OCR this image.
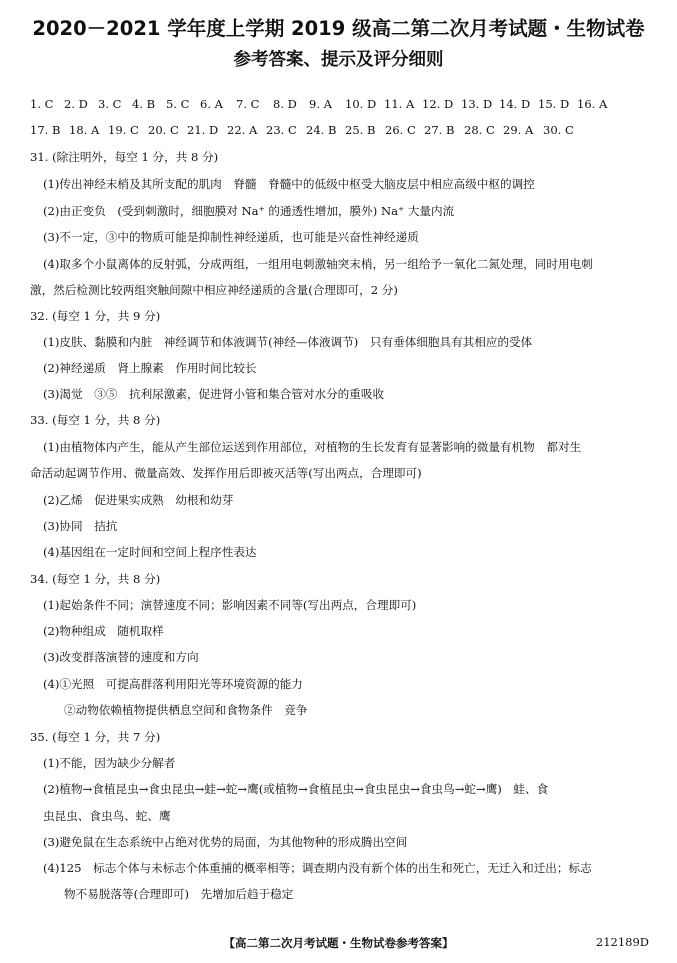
2020－2021 学年度上学期 2019 级高二第二次月考试题・生物试卷
参考答案、提示及评分细则
1. C 2. D 3. C 4. B 5. C 6. A 7. C 8. D 9. A 10. D 11. A 12. D 13. D 14. D 15. D 16. A
17. B 18. A 19. C 20. C 21. D 22. A 23. C 24. B 25. B 26. C 27. B 28. C 29. A 30. C
31. (除注明外，每空 1 分，共 8 分)
(1)传出神经末梢及其所支配的肌肉　脊髓　脊髓中的低级中枢受大脑皮层中相应高级中枢的调控
(2)由正变负　(受到刺激时，细胞膜对 Na⁺ 的通透性增加，膜外) Na⁺ 大量内流
(3)不一定，③中的物质可能是抑制性神经递质，也可能是兴奋性神经递质
(4)取多个小鼠离体的反射弧，分成两组，一组用电刺激轴突末梢，另一组给予一氧化二氮处理，同时用电刺
激，然后检测比较两组突触间隙中相应神经递质的含量(合理即可，2 分)
32. (每空 1 分，共 9 分)
(1)皮肤、黏膜和内脏　神经调节和体液调节(神经—体液调节)　只有垂体细胞具有其相应的受体
(2)神经递质　肾上腺素　作用时间比较长
(3)渴觉　③⑤　抗利尿激素，促进肾小管和集合管对水分的重吸收
33. (每空 1 分，共 8 分)
(1)由植物体内产生，能从产生部位运送到作用部位，对植物的生长发育有显著影响的微量有机物　都对生
命活动起调节作用、微量高效、发挥作用后即被灭活等(写出两点，合理即可)
(2)乙烯　促进果实成熟　幼根和幼芽
(3)协同　拮抗
(4)基因组在一定时间和空间上程序性表达
34. (每空 1 分，共 8 分)
(1)起始条件不同；演替速度不同；影响因素不同等(写出两点，合理即可)
(2)物种组成　随机取样
(3)改变群落演替的速度和方向
(4)①光照　可提高群落利用阳光等环境资源的能力
②动物依赖植物提供栖息空间和食物条件　竞争
35. (每空 1 分，共 7 分)
(1)不能，因为缺少分解者
(2)植物→食植昆虫→食虫昆虫→蛙→蛇→鹰(或植物→食植昆虫→食虫昆虫→食虫鸟→蛇→鹰)　蛙、食
虫昆虫、食虫鸟、蛇、鹰
(3)避免鼠在生态系统中占绝对优势的局面，为其他物种的形成腾出空间
(4)125　标志个体与未标志个体重捕的概率相等；调查期内没有新个体的出生和死亡，无迁入和迁出；标志
物不易脱落等(合理即可)　先增加后趋于稳定
【高二第二次月考试题・生物试卷参考答案】	212189D
